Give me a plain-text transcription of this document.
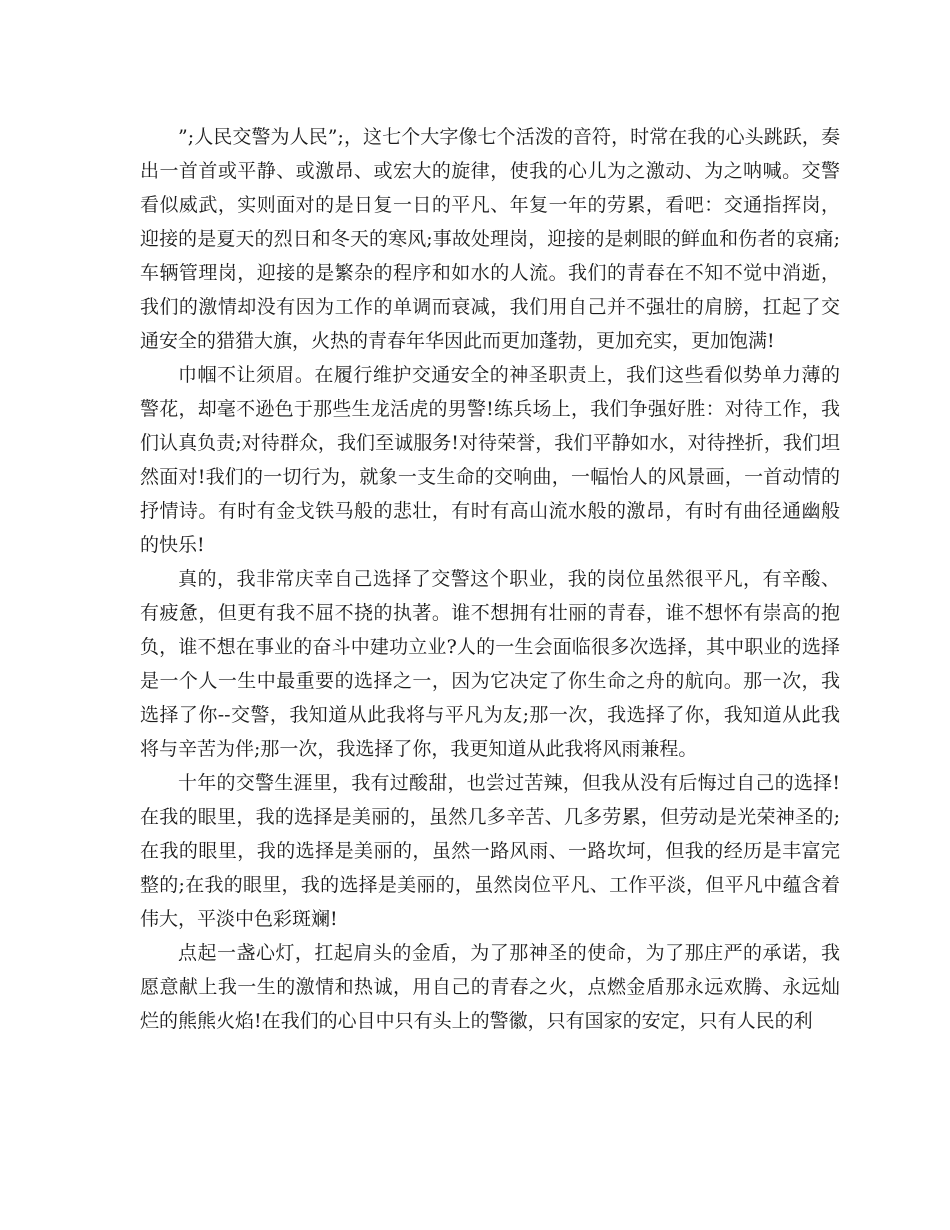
”;人民交警为人民”;，这七个大字像七个活泼的音符，时常在我的心头跳跃，奏出一首首或平静、或激昂、或宏大的旋律，使我的心儿为之激动、为之呐喊。交警看似威武，实则面对的是日复一日的平凡、年复一年的劳累，看吧：交通指挥岗，迎接的是夏天的烈日和冬天的寒风;事故处理岗，迎接的是刺眼的鲜血和伤者的哀痛;车辆管理岗，迎接的是繁杂的程序和如水的人流。我们的青春在不知不觉中消逝，我们的激情却没有因为工作的单调而衰减，我们用自己并不强壮的肩膀，扛起了交通安全的猎猎大旗，火热的青春年华因此而更加蓬勃，更加充实，更加饱满!

巾帼不让须眉。在履行维护交通安全的神圣职责上，我们这些看似势单力薄的警花，却毫不逊色于那些生龙活虎的男警!练兵场上，我们争强好胜：对待工作，我们认真负责;对待群众，我们至诚服务!对待荣誉，我们平静如水，对待挫折，我们坦然面对!我们的一切行为，就象一支生命的交响曲，一幅怡人的风景画，一首动情的抒情诗。有时有金戈铁马般的悲壮，有时有高山流水般的激昂，有时有曲径通幽般的快乐!

真的，我非常庆幸自己选择了交警这个职业，我的岗位虽然很平凡，有辛酸、有疲惫，但更有我不屈不挠的执著。谁不想拥有壮丽的青春，谁不想怀有崇高的抱负，谁不想在事业的奋斗中建功立业?人的一生会面临很多次选择，其中职业的选择是一个人一生中最重要的选择之一，因为它决定了你生命之舟的航向。那一次，我选择了你--交警，我知道从此我将与平凡为友;那一次，我选择了你，我知道从此我将与辛苦为伴;那一次，我选择了你，我更知道从此我将风雨兼程。

十年的交警生涯里，我有过酸甜，也尝过苦辣，但我从没有后悔过自己的选择!在我的眼里，我的选择是美丽的，虽然几多辛苦、几多劳累，但劳动是光荣神圣的;在我的眼里，我的选择是美丽的，虽然一路风雨、一路坎坷，但我的经历是丰富完整的;在我的眼里，我的选择是美丽的，虽然岗位平凡、工作平淡，但平凡中蕴含着伟大，平淡中色彩斑斓!

点起一盏心灯，扛起肩头的金盾，为了那神圣的使命，为了那庄严的承诺，我愿意献上我一生的激情和热诚，用自己的青春之火，点燃金盾那永远欢腾、永远灿烂的熊熊火焰!在我们的心目中只有头上的警徽，只有国家的安定，只有人民的利
